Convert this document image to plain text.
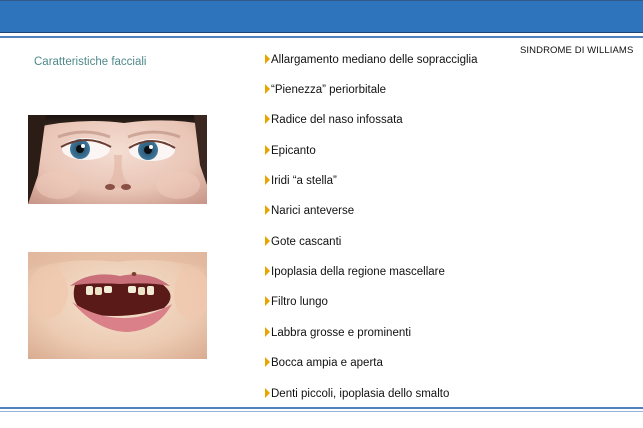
Caratteristiche facciali
SINDROME DI WILLIAMS
Allargamento mediano delle sopracciglia
“Pienezza” periorbitale
Radice del naso infossata
Epicanto
Iridi “a stella”
Narici anteverse
Gote cascanti
Ipoplasia della regione mascellare
Filtro lungo
Labbra grosse e prominenti
Bocca ampia e aperta
Denti piccoli, ipoplasia dello smalto
